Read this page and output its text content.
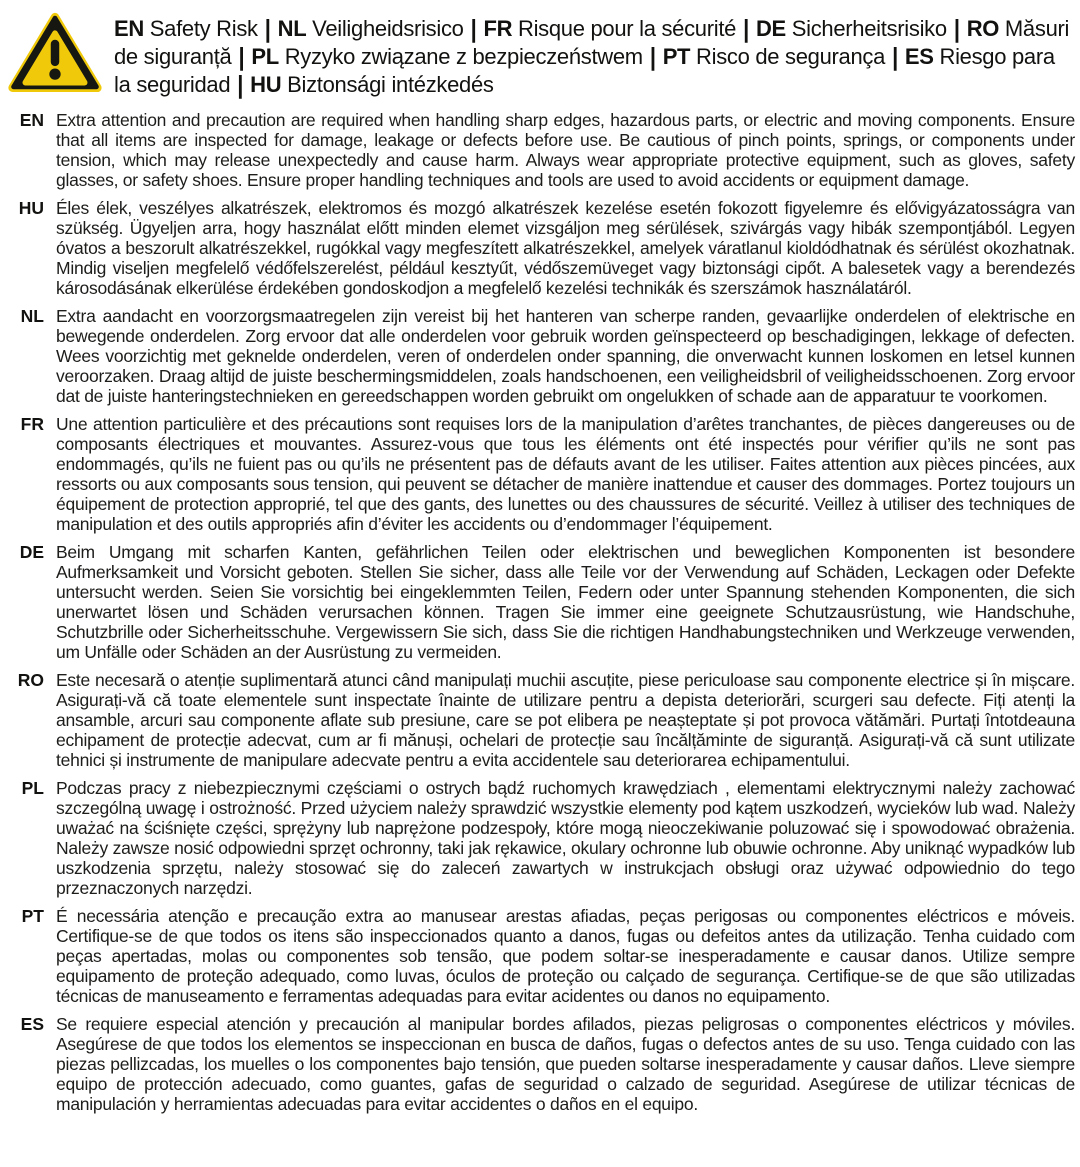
EN Safety Risk | NL Veiligheidsrisico | FR Risque pour la sécurité | DE Sicherheitsrisiko | RO Măsuri de siguranță | PL Ryzyko związane z bezpieczeństwem | PT Risco de segurança | ES Riesgo para la seguridad | HU Biztonsági intézkedés
EN Extra attention and precaution are required when handling sharp edges, hazardous parts, or electric and moving components. Ensure that all items are inspected for damage, leakage or defects before use. Be cautious of pinch points, springs, or components under tension, which may release unexpectedly and cause harm. Always wear appropriate protective equipment, such as gloves, safety glasses, or safety shoes. Ensure proper handling techniques and tools are used to avoid accidents or equipment damage.
HU Éles élek, veszélyes alkatrészek, elektromos és mozgó alkatrészek kezelése esetén fokozott figyelemre és elővigyázatosságra van szükség. Ügyeljen arra, hogy használat előtt minden elemet vizsgáljon meg sérülések, szivárgás vagy hibák szempontjából. Legyen óvatos a beszorult alkatrészekkel, rugókkal vagy megfeszített alkatrészekkel, amelyek váratlanul kioldódhatnak és sérülést okozhatnak. Mindig viseljen megfelelő védőfelszerelést, például kesztyűt, védőszemüveget vagy biztonsági cipőt. A balesetek vagy a berendezés károsodásának elkerülése érdekében gondoskodjon a megfelelő kezelési technikák és szerszámok használatáról.
NL Extra aandacht en voorzorgsmaatregelen zijn vereist bij het hanteren van scherpe randen, gevaarlijke onderdelen of elektrische en bewegende onderdelen. Zorg ervoor dat alle onderdelen voor gebruik worden geïnspecteerd op beschadigingen, lekkage of defecten. Wees voorzichtig met geknelde onderdelen, veren of onderdelen onder spanning, die onverwacht kunnen loskomen en letsel kunnen veroorzaken. Draag altijd de juiste beschermingsmiddelen, zoals handschoenen, een veiligheidsbril of veiligheidsschoenen. Zorg ervoor dat de juiste hanteringstechnieken en gereedschappen worden gebruikt om ongelukken of schade aan de apparatuur te voorkomen.
FR Une attention particulière et des précautions sont requises lors de la manipulation d’arêtes tranchantes, de pièces dangereuses ou de composants électriques et mouvantes. Assurez-vous que tous les éléments ont été inspectés pour vérifier qu’ils ne sont pas endommagés, qu’ils ne fuient pas ou qu’ils ne présentent pas de défauts avant de les utiliser. Faites attention aux pièces pincées, aux ressorts ou aux composants sous tension, qui peuvent se détacher de manière inattendue et causer des dommages. Portez toujours un équipement de protection approprié, tel que des gants, des lunettes ou des chaussures de sécurité. Veillez à utiliser des techniques de manipulation et des outils appropriés afin d’éviter les accidents ou d’endommager l’équipement.
DE Beim Umgang mit scharfen Kanten, gefährlichen Teilen oder elektrischen und beweglichen Komponenten ist besondere Aufmerksamkeit und Vorsicht geboten. Stellen Sie sicher, dass alle Teile vor der Verwendung auf Schäden, Leckagen oder Defekte untersucht werden. Seien Sie vorsichtig bei eingeklemmten Teilen, Federn oder unter Spannung stehenden Komponenten, die sich unerwartet lösen und Schäden verursachen können. Tragen Sie immer eine geeignete Schutzausrüstung, wie Handschuhe, Schutzbrille oder Sicherheitsschuhe. Vergewissern Sie sich, dass Sie die richtigen Handhabungstechniken und Werkzeuge verwenden, um Unfälle oder Schäden an der Ausrüstung zu vermeiden.
RO Este necesară o atenție suplimentară atunci când manipulați muchii ascuțite, piese periculoase sau componente electrice și în mișcare. Asigurați-vă că toate elementele sunt inspectate înainte de utilizare pentru a depista deteriorări, scurgeri sau defecte. Fiți atenți la ansamble, arcuri sau componente aflate sub presiune, care se pot elibera pe neașteptate și pot provoca vătămări. Purtați întotdeauna echipament de protecție adecvat, cum ar fi mănuși, ochelari de protecție sau încălțăminte de siguranță. Asigurați-vă că sunt utilizate tehnici și instrumente de manipulare adecvate pentru a evita accidentele sau deteriorarea echipamentului.
PL Podczas pracy z niebezpiecznymi częściami o ostrych bądź ruchomych krawędziach , elementami elektrycznymi należy zachować szczególną uwagę i ostrożność. Przed użyciem należy sprawdzić wszystkie elementy pod kątem uszkodzeń, wycieków lub wad. Należy uważać na ściśnięte części, sprężyny lub naprężone podzespoły, które mogą nieoczekiwanie poluzować się i spowodować obrażenia. Należy zawsze nosić odpowiedni sprzęt ochronny, taki jak rękawice, okulary ochronne lub obuwie ochronne. Aby uniknąć wypadków lub uszkodzenia sprzętu, należy stosować się do zaleceń zawartych w instrukcjach obsługi oraz używać odpowiednio do tego przeznaczonych narzędzi.
PT É necessária atenção e precaução extra ao manusear arestas afiadas, peças perigosas ou componentes eléctricos e móveis. Certifique-se de que todos os itens são inspeccionados quanto a danos, fugas ou defeitos antes da utilização. Tenha cuidado com peças apertadas, molas ou componentes sob tensão, que podem soltar-se inesperadamente e causar danos. Utilize sempre equipamento de proteção adequado, como luvas, óculos de proteção ou calçado de segurança. Certifique-se de que são utilizadas técnicas de manuseamento e ferramentas adequadas para evitar acidentes ou danos no equipamento.
ES Se requiere especial atención y precaución al manipular bordes afilados, piezas peligrosas o componentes eléctricos y móviles. Asegúrese de que todos los elementos se inspeccionan en busca de daños, fugas o defectos antes de su uso. Tenga cuidado con las piezas pellizcadas, los muelles o los componentes bajo tensión, que pueden soltarse inesperadamente y causar daños. Lleve siempre equipo de protección adecuado, como guantes, gafas de seguridad o calzado de seguridad. Asegúrese de utilizar técnicas de manipulación y herramientas adecuadas para evitar accidentes o daños en el equipo.
